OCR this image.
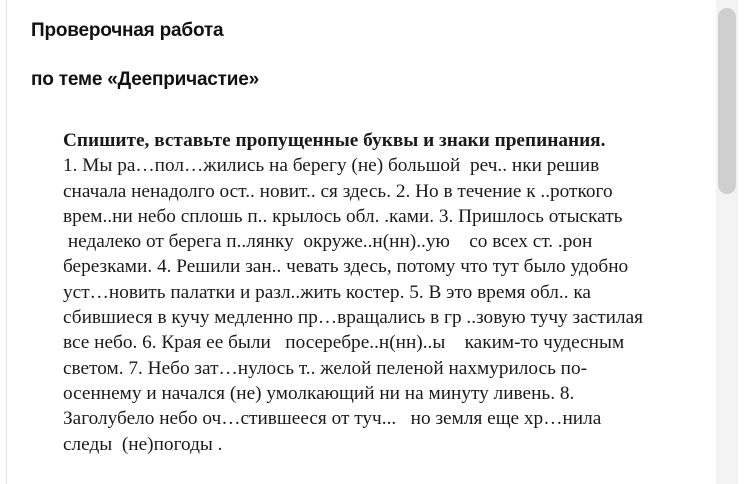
Проверочная работа
по теме «Деепричастие»
Спишите, вставьте пропущенные буквы и знаки препинания.
1. Мы ра…пол…жились на берегу (не) большой  реч.. нки решив
сначала ненадолго ост.. новит.. ся здесь. 2. Но в течение к ..роткого
врем..ни небо сплошь п.. крылось обл. .ками. 3. Пришлось отыскать
недалеко от берега п..лянку  окруже..н(нн)..ую    со всех ст. .рон
березками. 4. Решили зан.. чевать здесь, потому что тут было удобно
уст…новить палатки и разл..жить костер. 5. В это время обл.. ка
сбившиеся в кучу медленно пр…вращались в гр ..зовую тучу застилая
все небо. 6. Края ее были   посеребре..н(нн)..ы    каким-то чудесным
светом. 7. Небо зат…нулось т.. желой пеленой нахмурилось по-
осеннему и начался (не) умолкающий ни на минуту ливень. 8.
Заголубело небо оч…стившееся от туч...   но земля еще хр…нила
следы  (не)погоды .
